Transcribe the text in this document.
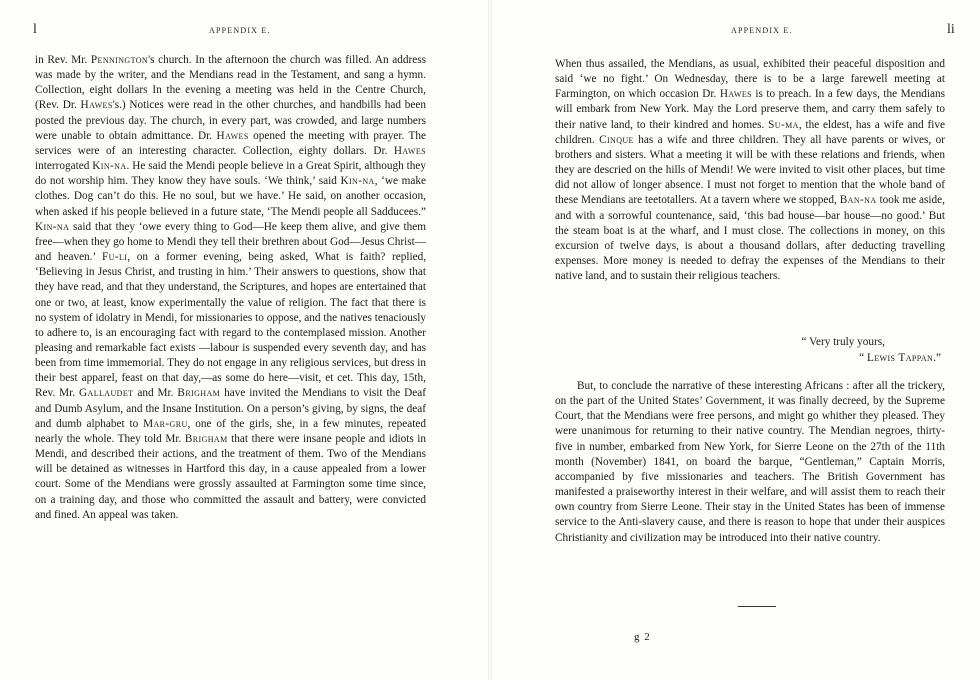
l	APPENDIX E.

in Rev. Mr. Pennington's church. In the afternoon the church was filled. An address was made by the writer, and the Mendians read in the Testament, and sang a hymn. Collection, eight dollars In the evening a meeting was held in the Centre Church, (Rev. Dr. Hawes's.) Notices were read in the other churches, and handbills had been posted the previous day. The church, in every part, was crowded, and large numbers were unable to obtain admittance. Dr. Hawes opened the meeting with prayer. The services were of an interesting character. Collection, eighty dollars. Dr. Hawes interrogated Kin-na. He said the Mendi people believe in a Great Spirit, although they do not worship him. They know they have souls. ‘We think,’ said Kin-na, ‘we make clothes. Dog can’t do this. He no soul, but we have.’ He said, on another occasion, when asked if his people believed in a future state, ‘The Mendi people all Sadducees.” Kin-na said that they ‘owe every thing to God—He keep them alive, and give them free—when they go home to Mendi they tell their brethren about God—Jesus Christ—and heaven.’ Fu-li, on a former evening, being asked, What is faith? replied, ‘Believing in Jesus Christ, and trusting in him.’ Their answers to questions, show that they have read, and that they understand, the Scriptures, and hopes are entertained that one or two, at least, know experimentally the value of religion. The fact that there is no system of idolatry in Mendi, for missionaries to oppose, and the natives tenaciously to adhere to, is an encouraging fact with regard to the contemplased mission. Another pleasing and remarkable fact exists —labour is suspended every seventh day, and has been from time immemorial. They do not engage in any religious services, but dress in their best apparel, feast on that day,—as some do here—visit, et cet. This day, 15th, Rev. Mr. Gallaudet and Mr. Brigham have invited the Mendians to visit the Deaf and Dumb Asylum, and the Insane Institution. On a person’s giving, by signs, the deaf and dumb alphabet to Mar-gru, one of the girls, she, in a few minutes, repeated nearly the whole. They told Mr. Brigham that there were insane people and idiots in Mendi, and described their actions, and the treatment of them. Two of the Mendians will be detained as witnesses in Hartford this day, in a cause appealed from a lower court. Some of the Mendians were grossly assaulted at Farmington some time since, on a training day, and those who committed the assault and battery, were convicted and fined. An appeal was taken.

APPENDIX E.	li

When thus assailed, the Mendians, as usual, exhibited their peaceful disposition and said ‘we no fight.’ On Wednesday, there is to be a large farewell meeting at Farmington, on which occasion Dr. Hawes is to preach. In a few days, the Mendians will embark from New York. May the Lord preserve them, and carry them safely to their native land, to their kindred and homes. Su-ma, the eldest, has a wife and five children. Cinque has a wife and three children. They all have parents or wives, or brothers and sisters. What a meeting it will be with these relations and friends, when they are descried on the hills of Mendi! We were invited to visit other places, but time did not allow of longer absence. I must not forget to mention that the whole band of these Mendians are teetotallers. At a tavern where we stopped, Ban-na took me aside, and with a sorrowful countenance, said, ‘this bad house—bar house—no good.’ But the steam boat is at the wharf, and I must close. The collections in money, on this excursion of twelve days, is about a thousand dollars, after deducting travelling expenses. More money is needed to defray the expenses of the Mendians to their native land, and to sustain their religious teachers.

“ Very truly yours,
“ Lewis Tappan.”

But, to conclude the narrative of these interesting Africans : after all the trickery, on the part of the United States’ Government, it was finally decreed, by the Supreme Court, that the Mendians were free persons, and might go whither they pleased. They were unanimous for returning to their native country. The Mendian negroes, thirty-five in number, embarked from New York, for Sierre Leone on the 27th of the 11th month (November) 1841, on board the barque, “Gentleman,” Captain Morris, accompanied by five missionaries and teachers. The British Government has manifested a praiseworthy interest in their welfare, and will assist them to reach their own country from Sierre Leone. Their stay in the United States has been of immense service to the Anti-slavery cause, and there is reason to hope that under their auspices Christianity and civilization may be introduced into their native country.

g 2
